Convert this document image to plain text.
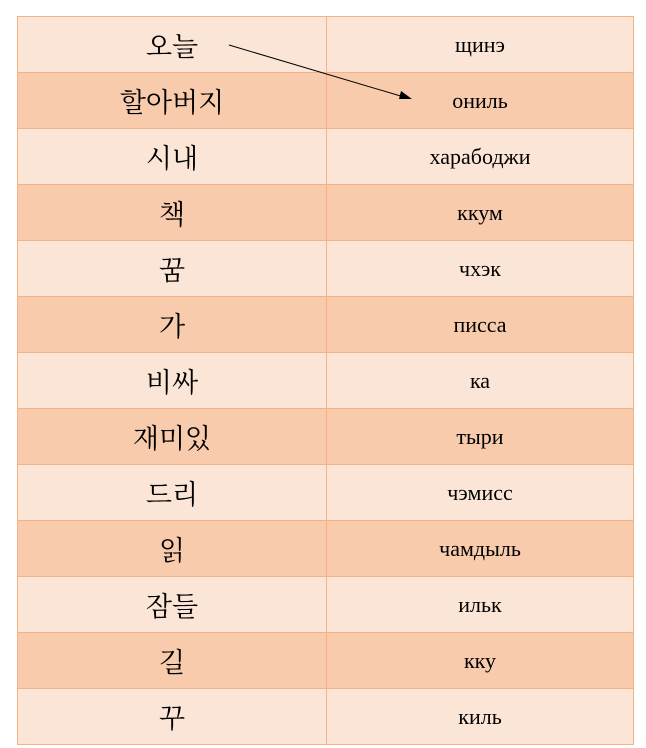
오늘	щинэ
할아버지	ониль
시내	харабоджи
책	ккум
꿈	чхэк
가	писса
비싸	ка
재미있	тыри
드리	чэмисс
읽	чамдыль
잠들	ильк
길	кку
꾸	киль
